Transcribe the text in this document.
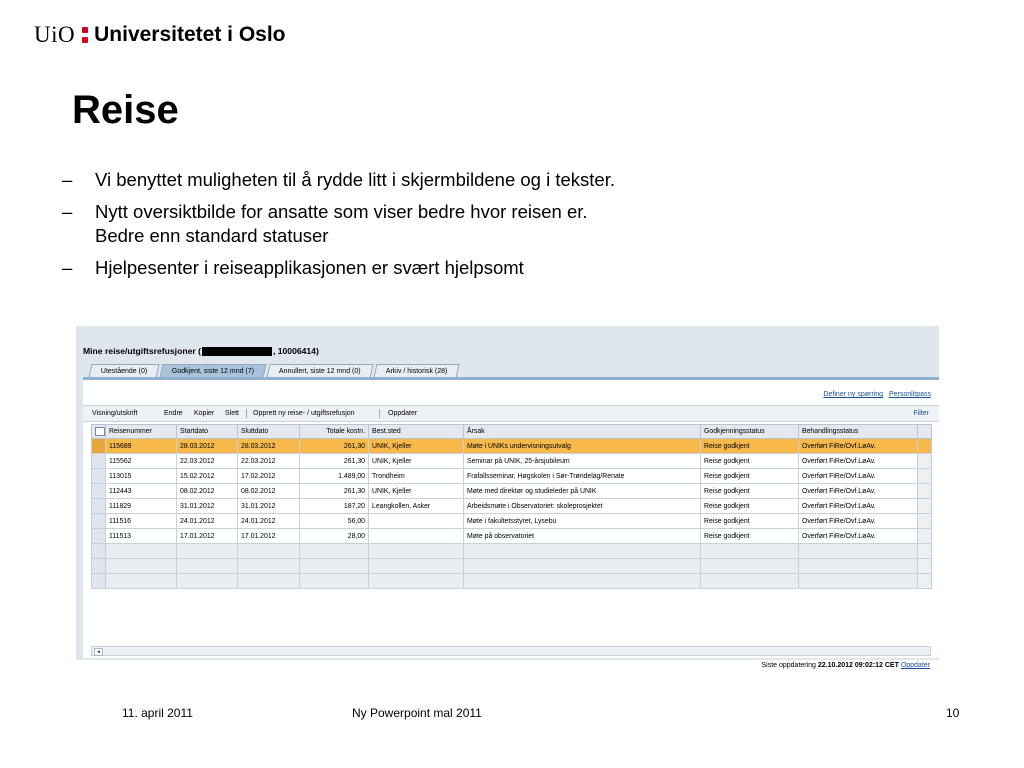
UiO Universitetet i Oslo
Reise
–	Vi benyttet muligheten til å rydde litt i skjermbildene og i tekster.
–	Nytt oversiktbilde for ansatte som viser bedre hvor reisen er.
Bedre enn standard statuser
–	Hjelpesenter i reiseapplikasjonen er svært hjelpsomt
Mine reise/utgiftsrefusjoner (	, 10006414)
Utestående (0)	Godkjent, siste 12 mnd (7)	Annullert, siste 12 mnd (0)	Arkiv / historisk (28)
Definer ny spørring Personlitpass
Visning/utskrift	Endre Kopier Slett Opprett ny reise- / utgiftsrefusjon	Oppdater	Filter
	Reisenummer	Startdato	Sluttdato	Totale kostn.	Best.sted	Årsak	Godkjenningsstatus	Behandlingsstatus	
	115689	28.03.2012	28.03.2012	261,30	UNIK, Kjeller	Møte i UNIKs undervisningsutvalg	Reise godkjent	Overført FiRe/Ovf.LøAv.	
	115562	22.03.2012	22.03.2012	261,30	UNIK, Kjeller	Seminar på UNIK, 25-årsjubileum	Reise godkjent	Overført FiRe/Ovf.LøAv.	
	113015	15.02.2012	17.02.2012	1.489,00	Trondheim	Frafallsseminar, Høgskolen i Sør-Trøndelag/Renate	Reise godkjent	Overført FiRe/Ovf.LøAv.	
	112443	08.02.2012	08.02.2012	261,30	UNIK, Kjeller	Møte med direktør og studieleder på UNIK	Reise godkjent	Overført FiRe/Ovf.LøAv.	
	111829	31.01.2012	31.01.2012	187,20	Leangkollen, Asker	Arbeidsmøte i Observatoriet: skoleprosjektet	Reise godkjent	Overført FiRe/Ovf.LøAv.	
	111516	24.01.2012	24.01.2012	56,00		Møte i fakultetsstyret, Lysebu	Reise godkjent	Overført FiRe/Ovf.LøAv.	
	111513	17.01.2012	17.01.2012	28,00		Møte på observatoriet	Reise godkjent	Overført FiRe/Ovf.LøAv.	

◂
Siste oppdatering 22.10.2012 09:02:12 CET Oppdater
11. april 2011	Ny Powerpoint mal 2011	10
